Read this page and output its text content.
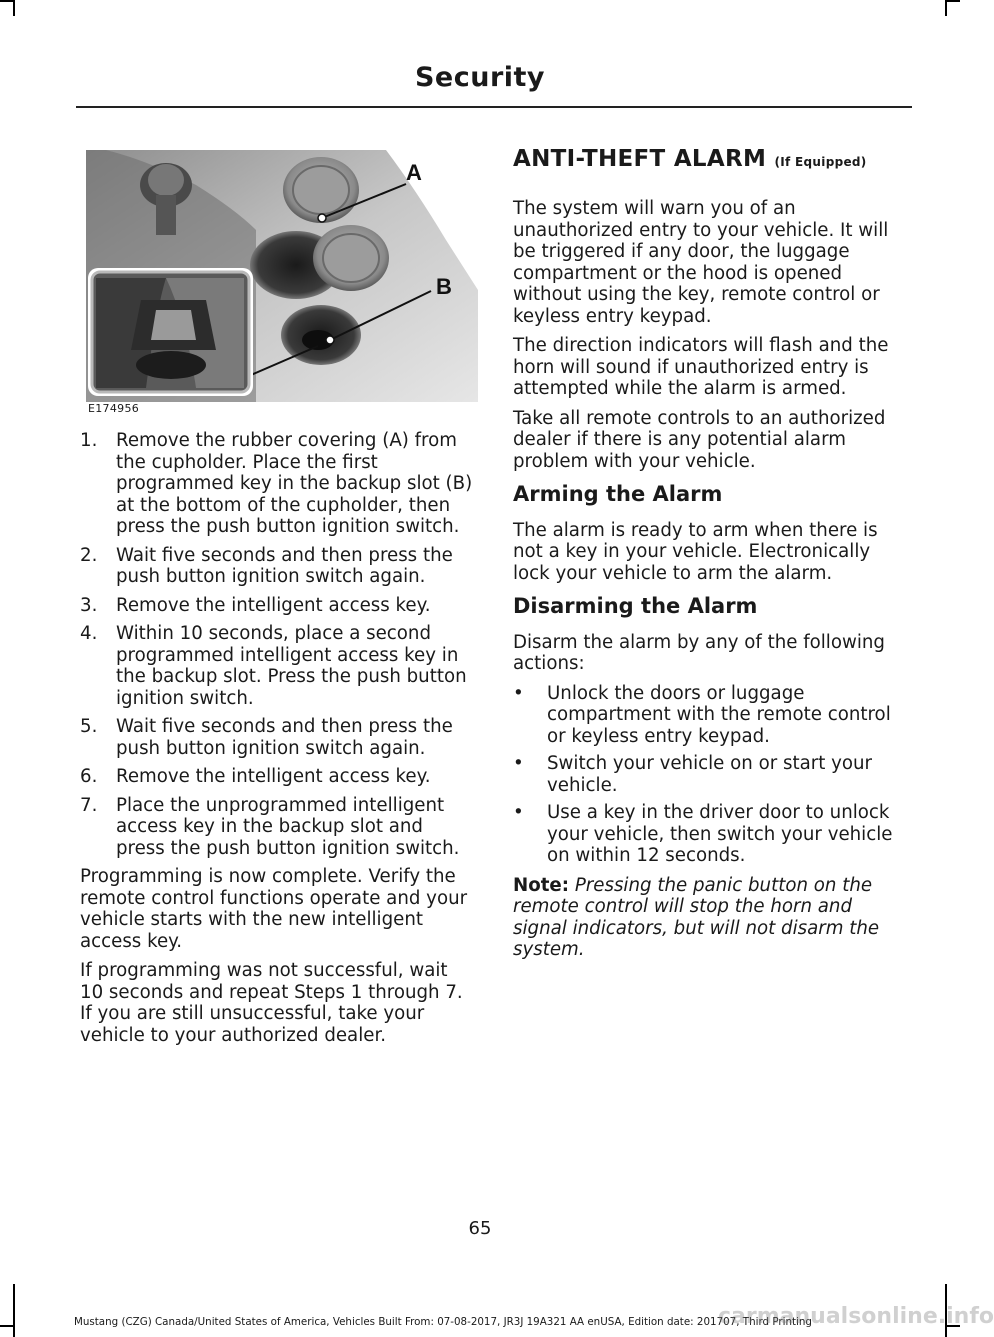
Security
A
B
E174956
1. Remove the rubber covering (A) from the cupholder. Place the first programmed key in the backup slot (B) at the bottom of the cupholder, then press the push button ignition switch.
2. Wait five seconds and then press the push button ignition switch again.
3. Remove the intelligent access key.
4. Within 10 seconds, place a second programmed intelligent access key in the backup slot. Press the push button ignition switch.
5. Wait five seconds and then press the push button ignition switch again.
6. Remove the intelligent access key.
7. Place the unprogrammed intelligent access key in the backup slot and press the push button ignition switch.

Programming is now complete. Verify the remote control functions operate and your vehicle starts with the new intelligent access key.

If programming was not successful, wait 10 seconds and repeat Steps 1 through 7. If you are still unsuccessful, take your vehicle to your authorized dealer.

ANTI-THEFT ALARM (If Equipped)

The system will warn you of an unauthorized entry to your vehicle. It will be triggered if any door, the luggage compartment or the hood is opened without using the key, remote control or keyless entry keypad.

The direction indicators will flash and the horn will sound if unauthorized entry is attempted while the alarm is armed.

Take all remote controls to an authorized dealer if there is any potential alarm problem with your vehicle.

Arming the Alarm

The alarm is ready to arm when there is not a key in your vehicle. Electronically lock your vehicle to arm the alarm.

Disarming the Alarm

Disarm the alarm by any of the following actions:

• Unlock the doors or luggage compartment with the remote control or keyless entry keypad.
• Switch your vehicle on or start your vehicle.
• Use a key in the driver door to unlock your vehicle, then switch your vehicle on within 12 seconds.

Note: Pressing the panic button on the remote control will stop the horn and signal indicators, but will not disarm the system.

65
Mustang (CZG) Canada/United States of America, Vehicles Built From: 07-08-2017, JR3J 19A321 AA enUSA, Edition date: 201707, Third Printing
carmanualsonline.info
